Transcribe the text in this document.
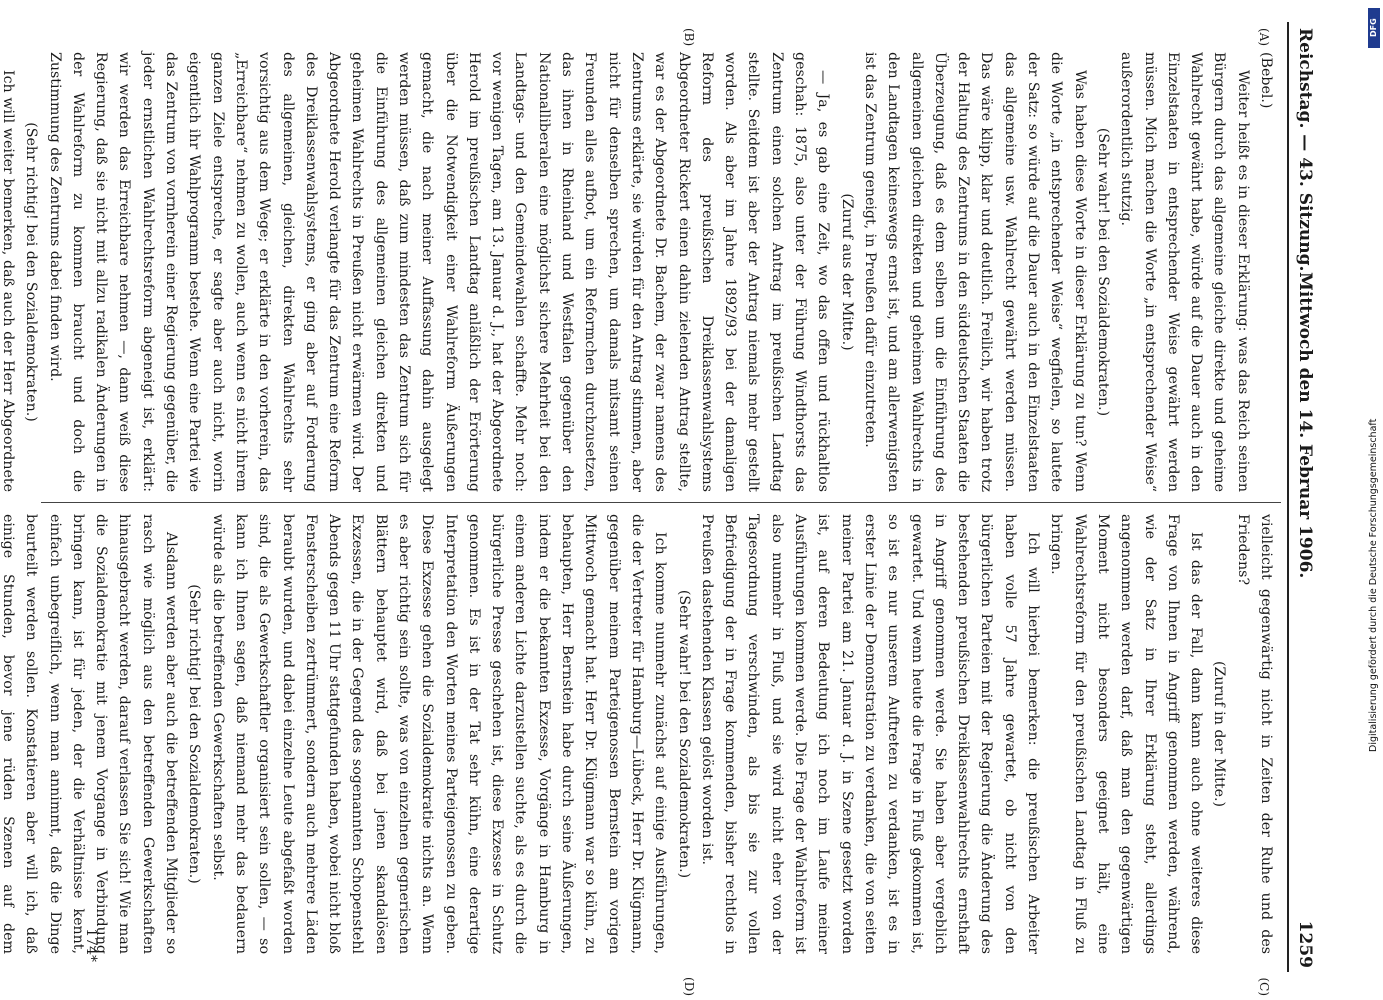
Reichstag. — 43. Sitzung.
Mittwoch den 14. Februar 1906.
1259
(A)
(B)
(C)
(D)

(Bebel.)

Weiter heißt es in dieser Erklärung: was das Reich seinen Bürgern durch das allgemeine gleiche direkte und geheime Wahlrecht gewährt habe, würde auf die Dauer auch in den Einzelstaaten in entsprechender Weise gewährt werden müssen. Mich machen die Worte „in entsprechender Weise“ außerordentlich stutzig.

(Sehr wahr! bei den Sozialdemokraten.)

Was haben diese Worte in dieser Erklärung zu tun? Wenn die Worte „in entsprechender Weise“ wegfielen, so lautete der Satz: so würde auf die Dauer auch in den Einzelstaaten das allgemeine usw. Wahlrecht gewährt werden müssen. Das wäre klipp, klar und deutlich. Freilich, wir haben trotz der Haltung des Zentrums in den süddeutschen Staaten die Überzeugung, daß es dem selben um die Einführung des allgemeinen gleichen direkten und geheimen Wahlrechts in den Landtagen keineswegs ernst ist, und am allerwenigsten ist das Zentrum geneigt, in Preußen dafür einzutreten.

(Zuruf aus der Mitte.)

— Ja, es gab eine Zeit, wo das offen und rückhaltlos geschah: 1875, also unter der Führung Windthorsts das Zentrum einen solchen Antrag im preußischen Landtag stellte. Seitdem ist aber der Antrag niemals mehr gestellt worden. Als aber im Jahre 1892/93 bei der damaligen Reform des preußischen Dreiklassenwahlsystems Abgeordneter Rickert einen dahin zielenden Antrag stellte, war es der Abgeordnete Dr. Bachem, der zwar namens des Zentrums erklärte, sie würden für den Antrag stimmen, aber nicht für denselben sprechen, um damals mitsamt seinen Freunden alles aufbot, um ein Reformchen durchzusetzen, das ihnen in Rheinland und Westfalen gegenüber den Nationalliberalen eine möglichst sichere Mehrheit bei den Landtags- und den Gemeindewahlen schaffte. Mehr noch: vor wenigen Tagen, am 13. Januar d. J., hat der Abgeordnete Herold im preußischen Landtag anläßlich der Erörterung über die Notwendigkeit einer Wahlreform Äußerungen gemacht, die nach meiner Auffassung dahin ausgelegt werden müssen, daß zum mindesten das Zentrum sich für die Einführung des allgemeinen gleichen direkten und geheimen Wahlrechts in Preußen nicht erwärmen wird. Der Abgeordnete Herold verlangte für das Zentrum eine Reform des Dreiklassenwahlsystems, er ging aber auf Forderung des allgemeinen, gleichen, direkten Wahlrechts sehr vorsichtig aus dem Wege; er erklärte in den vorherein, das „Erreichbare“ nehmen zu wollen, auch wenn es nicht ihrem ganzen Ziele entspreche, er sagte aber auch nicht, worin eigentlich ihr Wahlprogramm bestehe. Wenn eine Partei wie das Zentrum von vornherein einer Regierung gegenüber, die jeder ernstlichen Wahlrechtsreform abgeneigt ist, erklärt: wir werden das Erreichbare nehmen —, dann weiß diese Regierung, daß sie nicht mit allzu radikalen Änderungen in der Wahlreform zu kommen braucht und doch die Zustimmung des Zentrums dabei finden wird.

(Sehr richtig! bei den Sozialdemokraten.)

Ich will weiter bemerken, daß auch der Herr Abgeordnete

vielleicht gegenwärtig nicht in Zeiten der Ruhe und des Friedens?

(Zuruf in der Mitte.)

Ist das der Fall, dann kann auch ohne weiteres diese Frage von Ihnen in Angriff genommen werden, während, wie der Satz in Ihrer Erklärung steht, allerdings angenommen werden darf, daß man den gegenwärtigen Moment nicht besonders geeignet hält, eine Wahlrechtsreform für den preußischen Landtag in Fluß zu bringen.

Ich will hierbei bemerken: die preußischen Arbeiter haben volle 57 Jahre gewartet, ob nicht von den bürgerlichen Parteien mit der Regierung die Änderung des bestehenden preußischen Dreiklassenwahlrechts ernsthaft in Angriff genommen werde. Sie haben aber vergeblich gewartet. Und wenn heute die Frage in Fluß gekommen ist, so ist es nur unserem Auftreten zu verdanken, ist es in erster Linie der Demonstration zu verdanken, die von seiten meiner Partei am 21. Januar d. J. in Szene gesetzt worden ist, auf deren Bedeutung ich noch im Laufe meiner Ausführungen kommen werde. Die Frage der Wahlreform ist also nunmehr in Fluß, und sie wird nicht eher von der Tagesordnung verschwinden, als bis sie zur vollen Befriedigung der in Frage kommenden, bisher rechtlos in Preußen dastehenden Klassen gelöst worden ist.

(Sehr wahr! bei den Sozialdemokraten.)

Ich komme nunmehr zunächst auf einige Ausführungen, die der Vertreter für Hamburg—Lübeck, Herr Dr. Klügmann, gegenüber meinem Parteigenossen Bernstein am vorigen Mittwoch gemacht hat. Herr Dr. Klügmann war so kühn, zu behaupten, Herr Bernstein habe durch seine Äußerungen, indem er die bekannten Exzesse, Vorgänge in Hamburg in einem anderen Lichte darzustellen suchte, als es durch die bürgerliche Presse geschehen ist, diese Exzesse in Schutz genommen. Es ist in der Tat sehr kühn, eine derartige Interpretation den Worten meines Parteigenossen zu geben. Diese Exzesse gehen die Sozialdemokratie nichts an. Wenn es aber richtig sein sollte, was von einzelnen gegnerischen Blättern behauptet wird, daß bei jenen skandalösen Exzessen, die in der Gegend des sogenannten Schopenstehl Abends gegen 11 Uhr stattgefunden haben, wobei nicht bloß Fensterscheiben zertrümmert, sondern auch mehrere Läden beraubt wurden, und dabei einzelne Leute abgefaßt worden sind, die als Gewerkschaftler organisiert sein sollen, — so kann ich Ihnen sagen, daß niemand mehr das bedauern würde als die betreffenden Gewerkschaften selbst.

(Sehr richtig! bei den Sozialdemokraten.)

Alsdann werden aber auch die betreffenden Mitglieder so rasch wie möglich aus den betreffenden Gewerkschaften hinausgebracht werden, darauf verlassen Sie sich! Wie man die Sozialdemokratie mit jenem Vorgange in Verbindung bringen kann, ist für jeden, der die Verhältnisse kennt, einfach unbegreiflich, wenn man annimmt, daß die Dinge beurteilt werden sollen. Konstatieren aber will ich, daß einige Stunden, bevor jene rüden Szenen auf dem	174*
DFG
Digitalisierung gefördert durch die Deutsche Forschungsgemeinschaft
